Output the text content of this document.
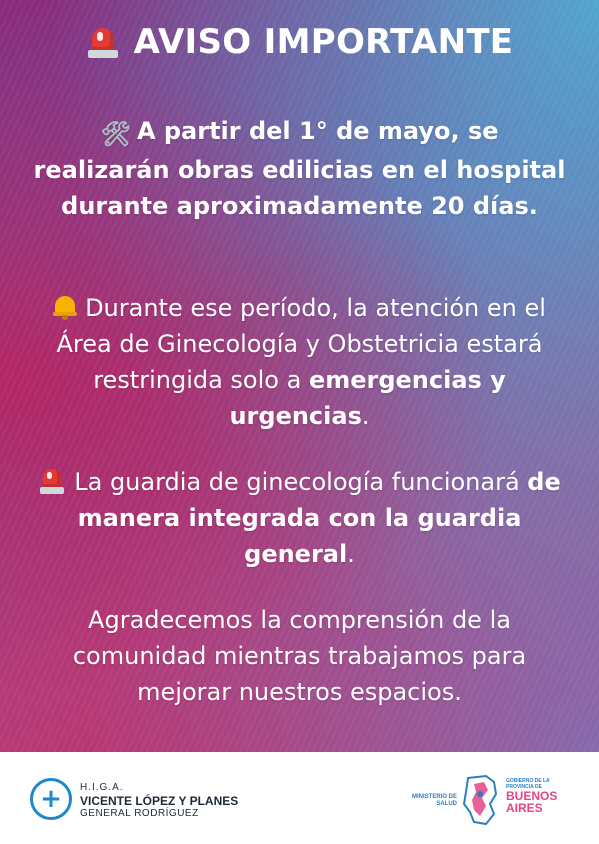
AVISO IMPORTANTE
🛠 A partir del 1° de mayo, se realizarán obras edilicias en el hospital durante aproximadamente 20 días.
Durante ese período, la atención en el Área de Ginecología y Obstetricia estará restringida solo a emergencias y urgencias.
La guardia de ginecología funcionará de manera integrada con la guardia general.
Agradecemos la comprensión de la comunidad mientras trabajamos para mejorar nuestros espacios.
+ H.I.G.A.
VICENTE LÓPEZ Y PLANES
GENERAL RODRÍGUEZ
MINISTERIO DE SALUD
GOBIERNO DE LA PROVINCIA DE
BUENOS
AIRES
